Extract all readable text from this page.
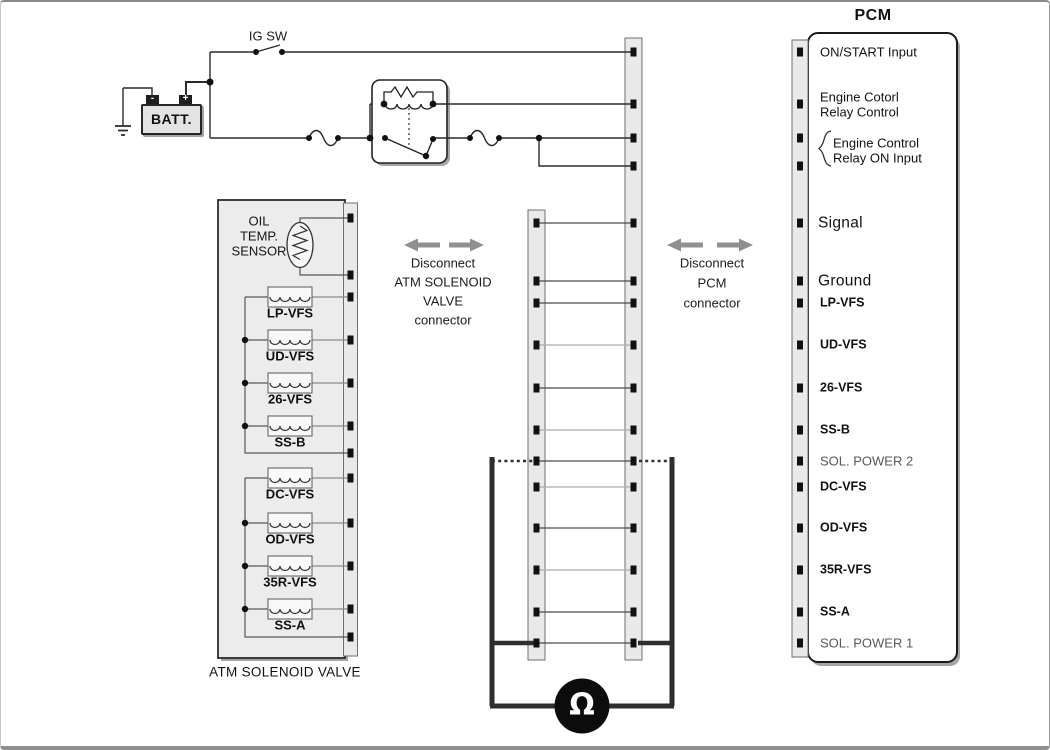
-	+
BATT.
IG SW
PCM
OIL
TEMP.
SENSOR
ATM SOLENOID VALVE
Disconnect
ATM SOLENOID
VALVE
connector
Disconnect
PCM
connector
Ω
LP-VFS
UD-VFS
26-VFS
SS-B
DC-VFS
OD-VFS
35R-VFS
SS-A
ON/START Input
Engine Cotorl
Relay Control
Engine Control
Relay ON Input
Signal
Ground
LP-VFS
UD-VFS
26-VFS
SS-B
SOL. POWER 2
DC-VFS
OD-VFS
35R-VFS
SS-A
SOL. POWER 1
